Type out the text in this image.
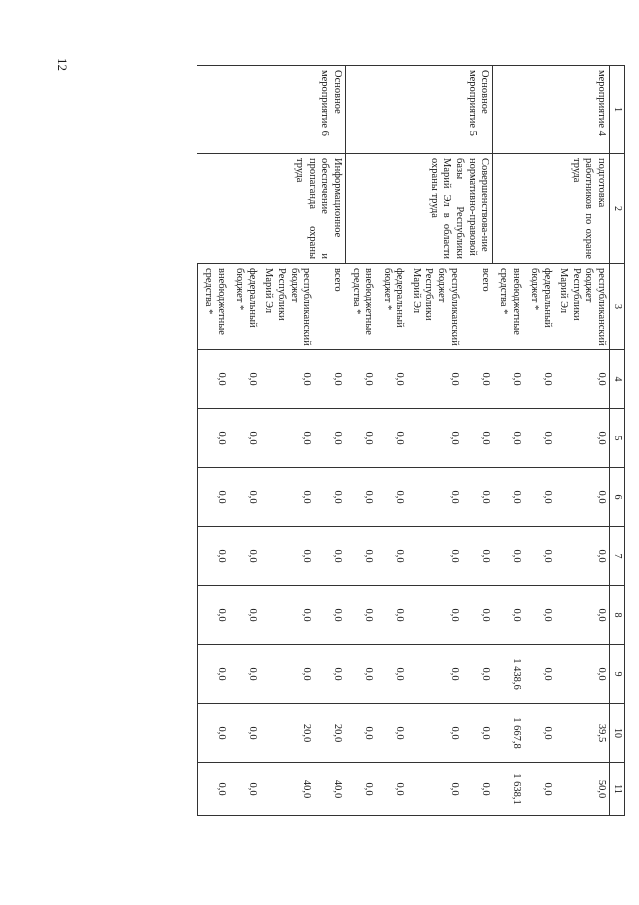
12
1	2	3	4	5	6	7	8	9	10	11
мероприятие 4	подготовка работников по охране труда	республиканский бюджет Республики Марий Эл	0,0	0,0	0,0	0,0	0,0	0,0	39,5	50,0
		федеральный бюджет *	0,0	0,0	0,0	0,0	0,0	0,0	0,0	0,0
		внебюджетные средства *	0,0	0,0	0,0	0,0	0,0	1 438,6	1 667,8	1 638,1
Основное мероприятие 5	Совершенствова-ние нормативно-правовой базы Республики Марий Эл в области охраны труда	всего	0,0	0,0	0,0	0,0	0,0	0,0	0,0	0,0
		республиканский бюджет Республики Марий Эл	0,0	0,0	0,0	0,0	0,0	0,0	0,0	0,0
		федеральный бюджет *	0,0	0,0	0,0	0,0	0,0	0,0	0,0	0,0
		внебюджетные средства *	0,0	0,0	0,0	0,0	0,0	0,0	0,0	0,0
Основное мероприятие 6	Информационное обеспечение и пропаганда охраны труда	всего	0,0	0,0	0,0	0,0	0,0	0,0	20,0	40,0
		республиканский бюджет Республики Марий Эл	0,0	0,0	0,0	0,0	0,0	0,0	20,0	40,0
		федеральный бюджет *	0,0	0,0	0,0	0,0	0,0	0,0	0,0	0,0
		внебюджетные средства *	0,0	0,0	0,0	0,0	0,0	0,0	0,0	0,0
